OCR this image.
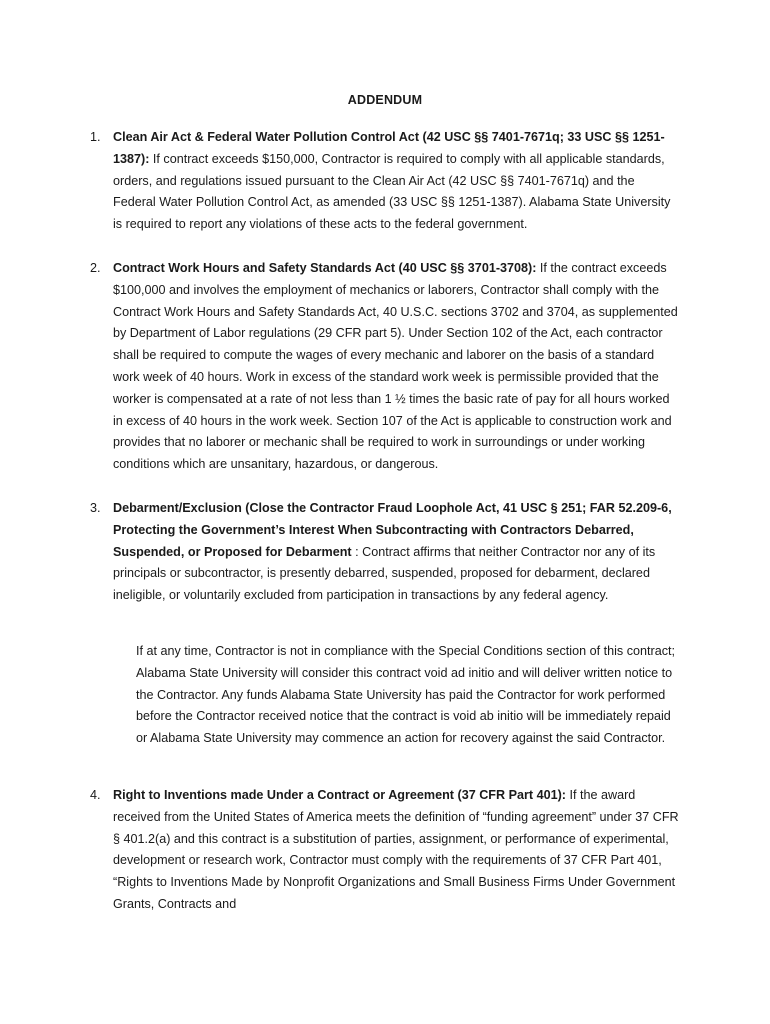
ADDENDUM
1. Clean Air Act & Federal Water Pollution Control Act (42 USC §§ 7401-7671q; 33 USC §§ 1251-1387): If contract exceeds $150,000, Contractor is required to comply with all applicable standards, orders, and regulations issued pursuant to the Clean Air Act (42 USC §§ 7401-7671q) and the Federal Water Pollution Control Act, as amended (33 USC §§ 1251-1387). Alabama State University is required to report any violations of these acts to the federal government.
2. Contract Work Hours and Safety Standards Act (40 USC §§ 3701-3708): If the contract exceeds $100,000 and involves the employment of mechanics or laborers, Contractor shall comply with the Contract Work Hours and Safety Standards Act, 40 U.S.C. sections 3702 and 3704, as supplemented by Department of Labor regulations (29 CFR part 5). Under Section 102 of the Act, each contractor shall be required to compute the wages of every mechanic and laborer on the basis of a standard work week of 40 hours. Work in excess of the standard work week is permissible provided that the worker is compensated at a rate of not less than 1 ½ times the basic rate of pay for all hours worked in excess of 40 hours in the work week. Section 107 of the Act is applicable to construction work and provides that no laborer or mechanic shall be required to work in surroundings or under working conditions which are unsanitary, hazardous, or dangerous.
3. Debarment/Exclusion (Close the Contractor Fraud Loophole Act, 41 USC § 251; FAR 52.209-6, Protecting the Government’s Interest When Subcontracting with Contractors Debarred, Suspended, or Proposed for Debarment : Contract affirms that neither Contractor nor any of its principals or subcontractor, is presently debarred, suspended, proposed for debarment, declared ineligible, or voluntarily excluded from participation in transactions by any federal agency.
If at any time, Contractor is not in compliance with the Special Conditions section of this contract; Alabama State University will consider this contract void ad initio and will deliver written notice to the Contractor. Any funds Alabama State University has paid the Contractor for work performed before the Contractor received notice that the contract is void ab initio will be immediately repaid or Alabama State University may commence an action for recovery against the said Contractor.
4. Right to Inventions made Under a Contract or Agreement (37 CFR Part 401): If the award received from the United States of America meets the definition of “funding agreement” under 37 CFR § 401.2(a) and this contract is a substitution of parties, assignment, or performance of experimental, development or research work, Contractor must comply with the requirements of 37 CFR Part 401, “Rights to Inventions Made by Nonprofit Organizations and Small Business Firms Under Government Grants, Contracts and
